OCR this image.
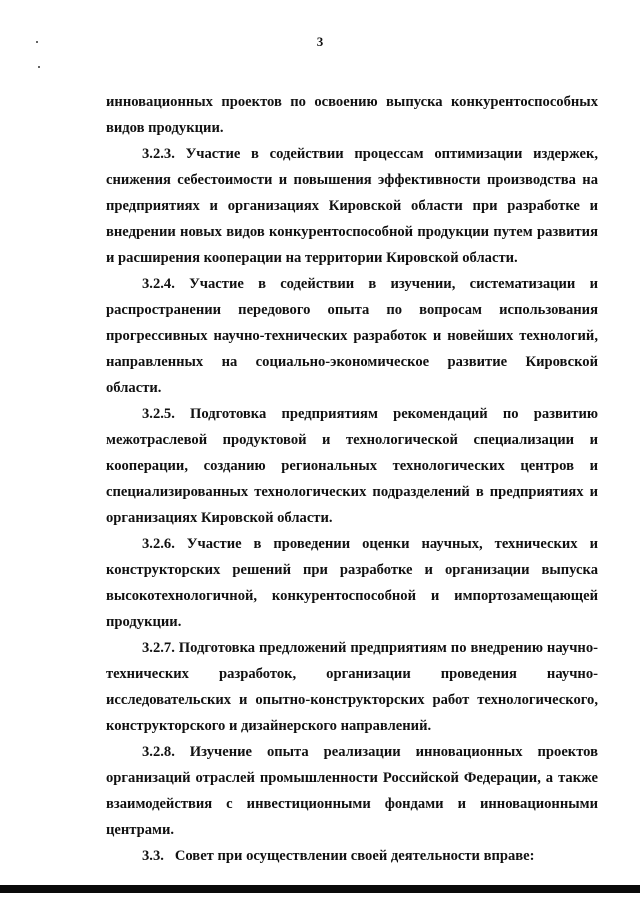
3

инновационных проектов по освоению выпуска конкурентоспособных видов продукции.

3.2.3. Участие в содействии процессам оптимизации издержек, снижения себестоимости и повышения эффективности производства на предприятиях и организациях Кировской области при разработке и внедрении новых видов конкурентоспособной продукции путем развития и расширения кооперации на территории Кировской области.

3.2.4. Участие в содействии в изучении, систематизации и распространении передового опыта по вопросам использования прогрессивных научно-технических разработок и новейших технологий, направленных на социально-экономическое развитие Кировской области.

3.2.5. Подготовка предприятиям рекомендаций по развитию межотраслевой продуктовой и технологической специализации и кооперации, созданию региональных технологических центров и специализированных технологических подразделений в предприятиях и организациях Кировской области.

3.2.6. Участие в проведении оценки научных, технических и конструкторских решений при разработке и организации выпуска высокотехнологичной, конкурентоспособной и импортозамещающей продукции.

3.2.7. Подготовка предложений предприятиям по внедрению научно-технических разработок, организации проведения научно-исследовательских и опытно-конструкторских работ технологического, конструкторского и дизайнерского направлений.

3.2.8. Изучение опыта реализации инновационных проектов организаций отраслей промышленности Российской Федерации, а также взаимодействия с инвестиционными фондами и инновационными центрами.

3.3.   Совет при осуществлении своей деятельности вправе:
